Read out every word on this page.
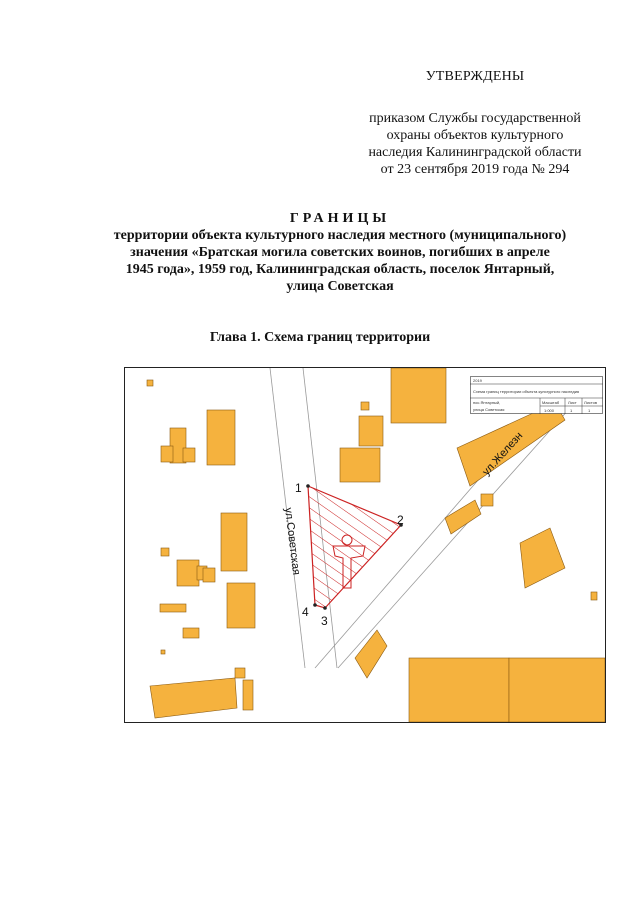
УТВЕРЖДЕНЫ
приказом Службы государственной
охраны объектов культурного
наследия Калининградской области
от 23 сентября 2019 года № 294
ГРАНИЦЫ
территории объекта культурного наследия местного (муниципального)
значения «Братская могила советских воинов, погибших в апреле
1945 года», 1959 год, Калининградская область, поселок Янтарный,
улица Советская
Глава 1. Схема границ территории
1
2
3
4
ул.Советская
ул.Железн
2019
Схема границ территории объекта культурного наследия
пос.Янтарный,
улица Советская
Масштаб
1:000
Лист
1
Листов
1
